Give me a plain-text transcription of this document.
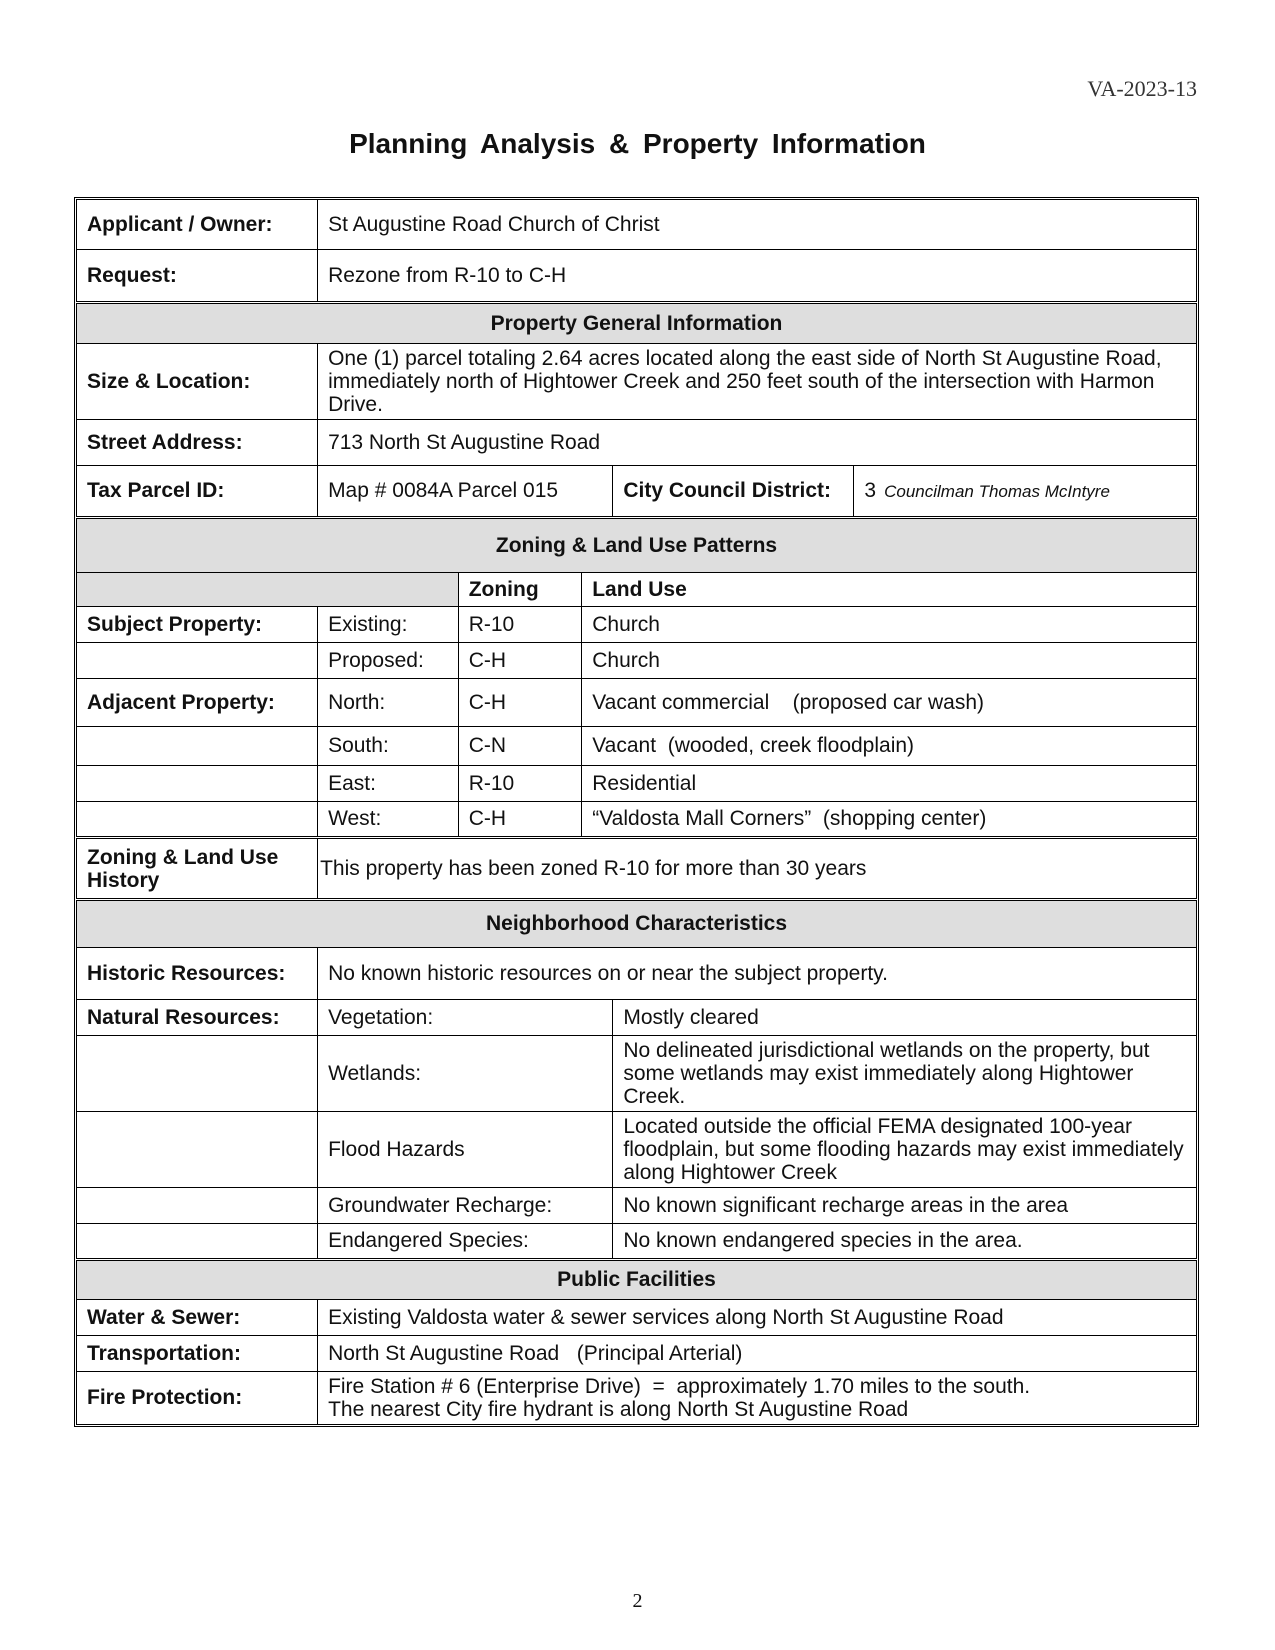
VA-2023-13
Planning Analysis & Property Information
Applicant / Owner:	St Augustine Road Church of Christ				
Request:	Rezone from R-10 to C-H				
Property General Information					
Size & Location:	One (1) parcel totaling 2.64 acres located along the east side of North St Augustine Road, immediately north of Hightower Creek and 250 feet south of the intersection with Harmon Drive.				
Street Address:	713 North St Augustine Road				
Tax Parcel ID:	Map # 0084A Parcel 015			City Council District:	3 Councilman Thomas McIntyre
Zoning & Land Use Patterns					
		Zoning	Land Use		
Subject Property:	Existing:	R-10	Church		
	Proposed:	C-H	Church		
Adjacent Property:	North:	C-H	Vacant commercial    (proposed car wash)		
	South:	C-N	Vacant  (wooded, creek floodplain)		
	East:	R-10	Residential		
	West:	C-H	“Valdosta Mall Corners”  (shopping center)		
Zoning & Land Use History	This property has been zoned R-10 for more than 30 years				
Neighborhood Characteristics					
Historic Resources:	No known historic resources on or near the subject property.				
Natural Resources:	Vegetation:			Mostly cleared	
	Wetlands:			No delineated jurisdictional wetlands on the property, but some wetlands may exist immediately along Hightower Creek.	
	Flood Hazards			Located outside the official FEMA designated 100-year floodplain, but some flooding hazards may exist immediately along Hightower Creek	
	Groundwater Recharge:			No known significant recharge areas in the area	
	Endangered Species:			No known endangered species in the area.	
Public Facilities					
Water & Sewer:	Existing Valdosta water & sewer services along North St Augustine Road				
Transportation:	North St Augustine Road   (Principal Arterial)				
Fire Protection:	Fire Station # 6 (Enterprise Drive)  =  approximately 1.70 miles to the south.
The nearest City fire hydrant is along North St Augustine Road				
2
